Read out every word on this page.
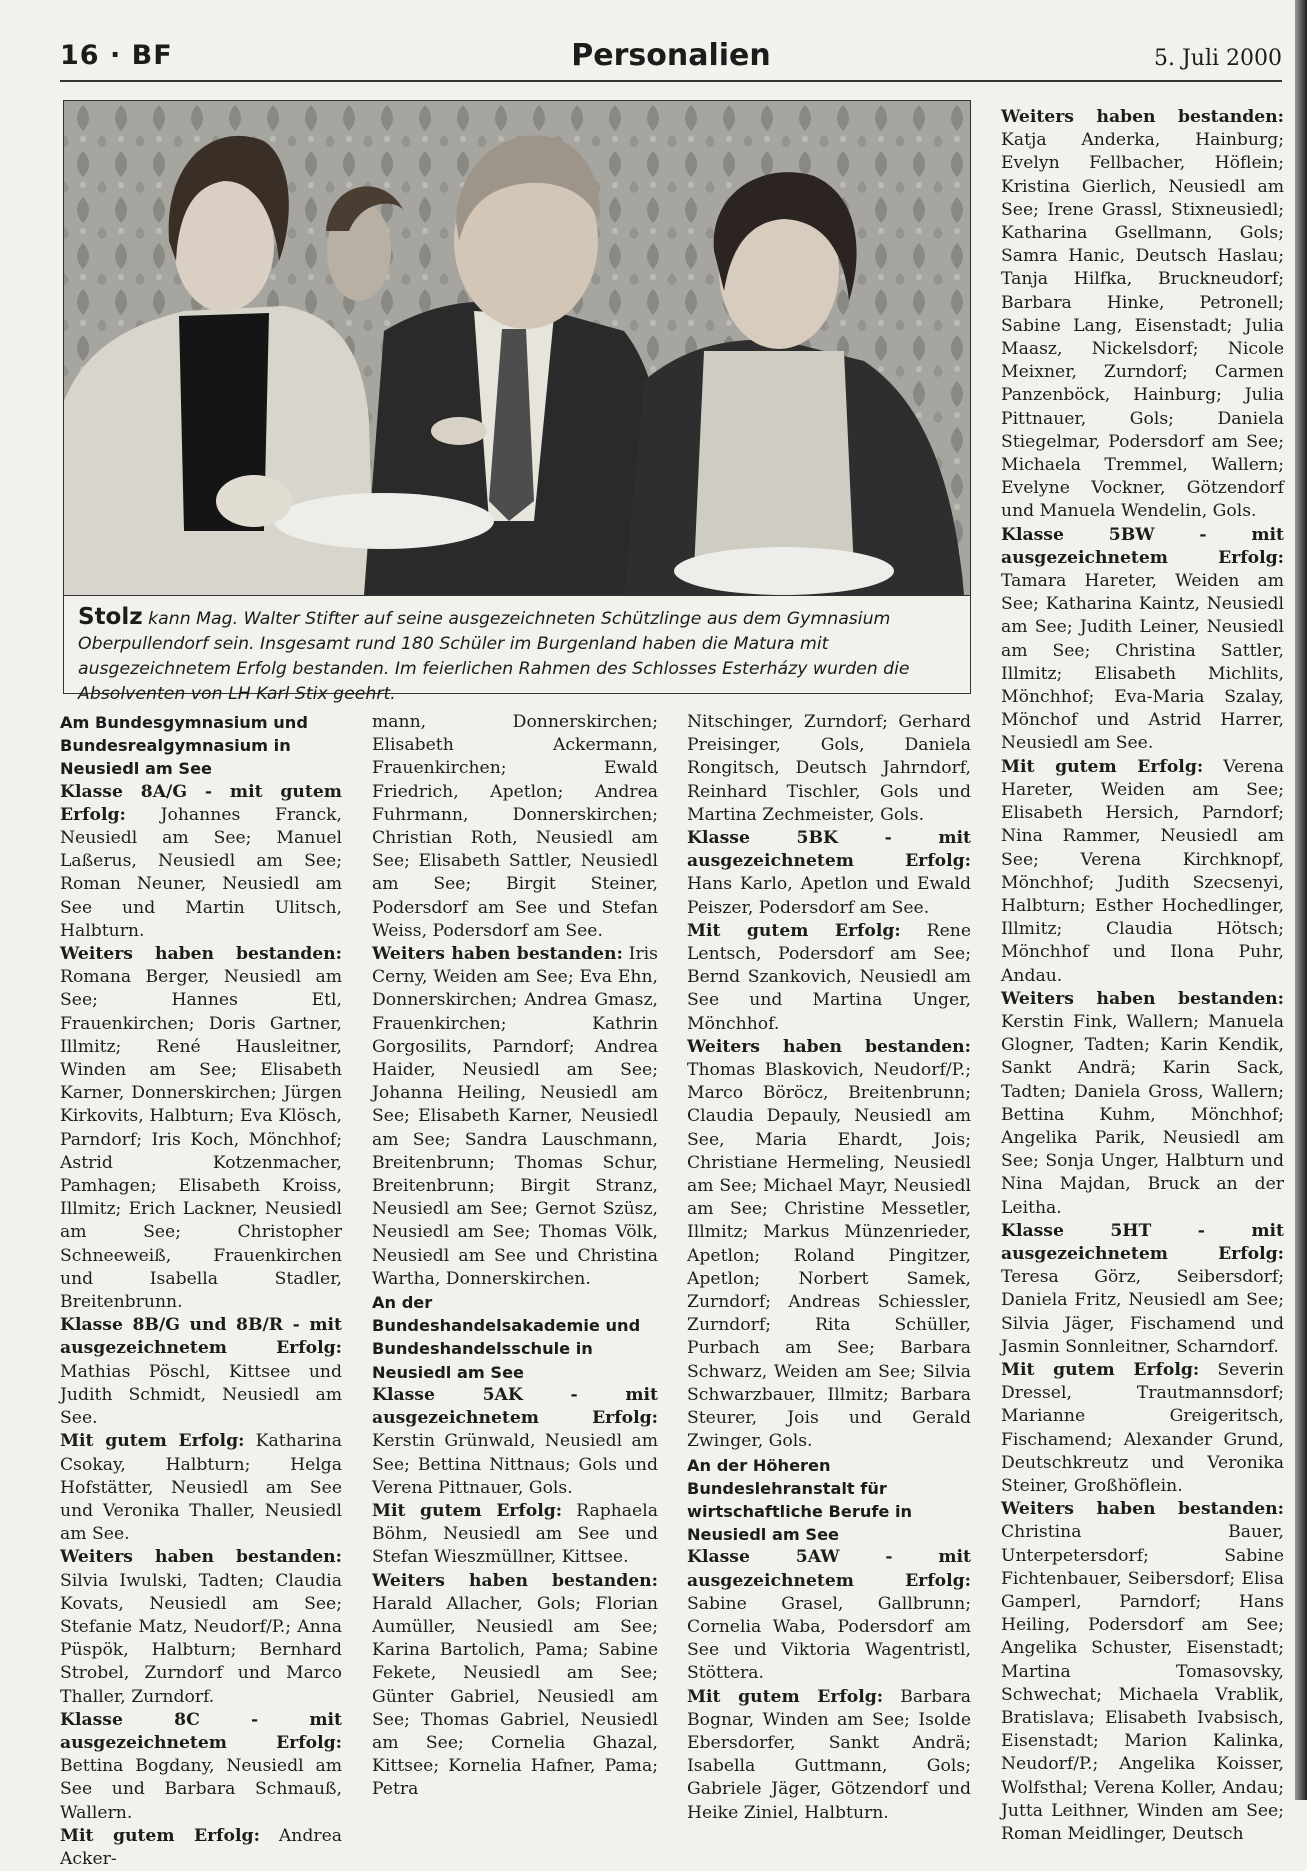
16 · BF	Personalien	5. Juli 2000
Stolz kann Mag. Walter Stifter auf seine ausgezeichneten Schützlinge aus dem Gymnasium Oberpullendorf sein. Insgesamt rund 180 Schüler im Burgenland haben die Matura mit ausgezeichnetem Erfolg bestanden. Im feierlichen Rahmen des Schlosses Esterházy wurden die Absolventen von LH Karl Stix geehrt.

Am Bundesgymnasium und Bundesrealgymnasium in Neusiedl am See

Klasse 8A/G - mit gutem Erfolg: Johannes Franck, Neusiedl am See; Manuel Laßerus, Neusiedl am See; Roman Neuner, Neusiedl am See und Martin Ulitsch, Halbturn.

Weiters haben bestanden: Romana Berger, Neusiedl am See; Hannes Etl, Frauenkirchen; Doris Gartner, Illmitz; René Hausleitner, Winden am See; Elisabeth Karner, Donnerskirchen; Jürgen Kirkovits, Halbturn; Eva Klösch, Parndorf; Iris Koch, Mönchhof; Astrid Kotzenmacher, Pamhagen; Elisabeth Kroiss, Illmitz; Erich Lackner, Neusiedl am See; Christopher Schneeweiß, Frauenkirchen und Isabella Stadler, Breitenbrunn.

Klasse 8B/G und 8B/R - mit ausgezeichnetem Erfolg: Mathias Pöschl, Kittsee und Judith Schmidt, Neusiedl am See.

Mit gutem Erfolg: Katharina Csokay, Halbturn; Helga Hofstätter, Neusiedl am See und Veronika Thaller, Neusiedl am See.

Weiters haben bestanden: Silvia Iwulski, Tadten; Claudia Kovats, Neusiedl am See; Stefanie Matz, Neudorf/P.; Anna Püspök, Halbturn; Bernhard Strobel, Zurndorf und Marco Thaller, Zurndorf.

Klasse 8C - mit ausgezeichnetem Erfolg: Bettina Bogdany, Neusiedl am See und Barbara Schmauß, Wallern.

Mit gutem Erfolg: Andrea Acker-

mann, Donnerskirchen; Elisabeth Ackermann, Frauenkirchen; Ewald Friedrich, Apetlon; Andrea Fuhrmann, Donnerskirchen; Christian Roth, Neusiedl am See; Elisabeth Sattler, Neusiedl am See; Birgit Steiner, Podersdorf am See und Stefan Weiss, Podersdorf am See.

Weiters haben bestanden: Iris Cerny, Weiden am See; Eva Ehn, Donnerskirchen; Andrea Gmasz, Frauenkirchen; Kathrin Gorgosilits, Parndorf; Andrea Haider, Neusiedl am See; Johanna Heiling, Neusiedl am See; Elisabeth Karner, Neusiedl am See; Sandra Lauschmann, Breitenbrunn; Thomas Schur, Breitenbrunn; Birgit Stranz, Neusiedl am See; Gernot Szüsz, Neusiedl am See; Thomas Völk, Neusiedl am See und Christina Wartha, Donnerskirchen.

An der Bundeshandelsakademie und Bundeshandelsschule in Neusiedl am See

Klasse 5AK - mit ausgezeichnetem Erfolg: Kerstin Grünwald, Neusiedl am See; Bettina Nittnaus; Gols und Verena Pittnauer, Gols.

Mit gutem Erfolg: Raphaela Böhm, Neusiedl am See und Stefan Wieszmüllner, Kittsee.

Weiters haben bestanden: Harald Allacher, Gols; Florian Aumüller, Neusiedl am See; Karina Bartolich, Pama; Sabine Fekete, Neusiedl am See; Günter Gabriel, Neusiedl am See; Thomas Gabriel, Neusiedl am See; Cornelia Ghazal, Kittsee; Kornelia Hafner, Pama; Petra

Nitschinger, Zurndorf; Gerhard Preisinger, Gols, Daniela Rongitsch, Deutsch Jahrndorf, Reinhard Tischler, Gols und Martina Zechmeister, Gols.

Klasse 5BK - mit ausgezeichnetem Erfolg: Hans Karlo, Apetlon und Ewald Peiszer, Podersdorf am See.

Mit gutem Erfolg: Rene Lentsch, Podersdorf am See; Bernd Szankovich, Neusiedl am See und Martina Unger, Mönchhof.

Weiters haben bestanden: Thomas Blaskovich, Neudorf/P.; Marco Böröcz, Breitenbrunn; Claudia Depauly, Neusiedl am See, Maria Ehardt, Jois; Christiane Hermeling, Neusiedl am See; Michael Mayr, Neusiedl am See; Christine Messetler, Illmitz; Markus Münzenrieder, Apetlon; Roland Pingitzer, Apetlon; Norbert Samek, Zurndorf; Andreas Schiessler, Zurndorf; Rita Schüller, Purbach am See; Barbara Schwarz, Weiden am See; Silvia Schwarzbauer, Illmitz; Barbara Steurer, Jois und Gerald Zwinger, Gols.

An der Höheren Bundeslehranstalt für wirtschaftliche Berufe in Neusiedl am See

Klasse 5AW - mit ausgezeichnetem Erfolg: Sabine Grasel, Gallbrunn; Cornelia Waba, Podersdorf am See und Viktoria Wagentristl, Stöttera.

Mit gutem Erfolg: Barbara Bognar, Winden am See; Isolde Ebersdorfer, Sankt Andrä; Isabella Guttmann, Gols; Gabriele Jäger, Götzendorf und Heike Ziniel, Halbturn.

Weiters haben bestanden: Katja Anderka, Hainburg; Evelyn Fellbacher, Höflein; Kristina Gierlich, Neusiedl am See; Irene Grassl, Stixneusiedl; Katharina Gsellmann, Gols; Samra Hanic, Deutsch Haslau; Tanja Hilfka, Bruckneudorf; Barbara Hinke, Petronell; Sabine Lang, Eisenstadt; Julia Maasz, Nickelsdorf; Nicole Meixner, Zurndorf; Carmen Panzenböck, Hainburg; Julia Pittnauer, Gols; Daniela Stiegelmar, Podersdorf am See; Michaela Tremmel, Wallern; Evelyne Vockner, Götzendorf und Manuela Wendelin, Gols.

Klasse 5BW - mit ausgezeichnetem Erfolg: Tamara Hareter, Weiden am See; Katharina Kaintz, Neusiedl am See; Judith Leiner, Neusiedl am See; Christina Sattler, Illmitz; Elisabeth Michlits, Mönchhof; Eva-Maria Szalay, Mönchof und Astrid Harrer, Neusiedl am See.

Mit gutem Erfolg: Verena Hareter, Weiden am See; Elisabeth Hersich, Parndorf; Nina Rammer, Neusiedl am See; Verena Kirchknopf, Mönchhof; Judith Szecsenyi, Halbturn; Esther Hochedlinger, Illmitz; Claudia Hötsch; Mönchhof und Ilona Puhr, Andau.

Weiters haben bestanden: Kerstin Fink, Wallern; Manuela Glogner, Tadten; Karin Kendik, Sankt Andrä; Karin Sack, Tadten; Daniela Gross, Wallern; Bettina Kuhm, Mönchhof; Angelika Parik, Neusiedl am See; Sonja Unger, Halbturn und Nina Majdan, Bruck an der Leitha.

Klasse 5HT - mit ausgezeichnetem Erfolg: Teresa Görz, Seibersdorf; Daniela Fritz, Neusiedl am See; Silvia Jäger, Fischamend und Jasmin Sonnleitner, Scharndorf.

Mit gutem Erfolg: Severin Dressel, Trautmannsdorf; Marianne Greigeritsch, Fischamend; Alexander Grund, Deutschkreutz und Veronika Steiner, Großhöflein.

Weiters haben bestanden: Christina Bauer, Unterpetersdorf; Sabine Fichtenbauer, Seibersdorf; Elisa Gamperl, Parndorf; Hans Heiling, Podersdorf am See; Angelika Schuster, Eisenstadt; Martina Tomasovsky, Schwechat; Michaela Vrablik, Bratislava; Elisabeth Ivabsisch, Eisenstadt; Marion Kalinka, Neudorf/P.; Angelika Koisser, Wolfsthal; Verena Koller, Andau; Jutta Leithner, Winden am See; Roman Meidlinger, Deutsch
